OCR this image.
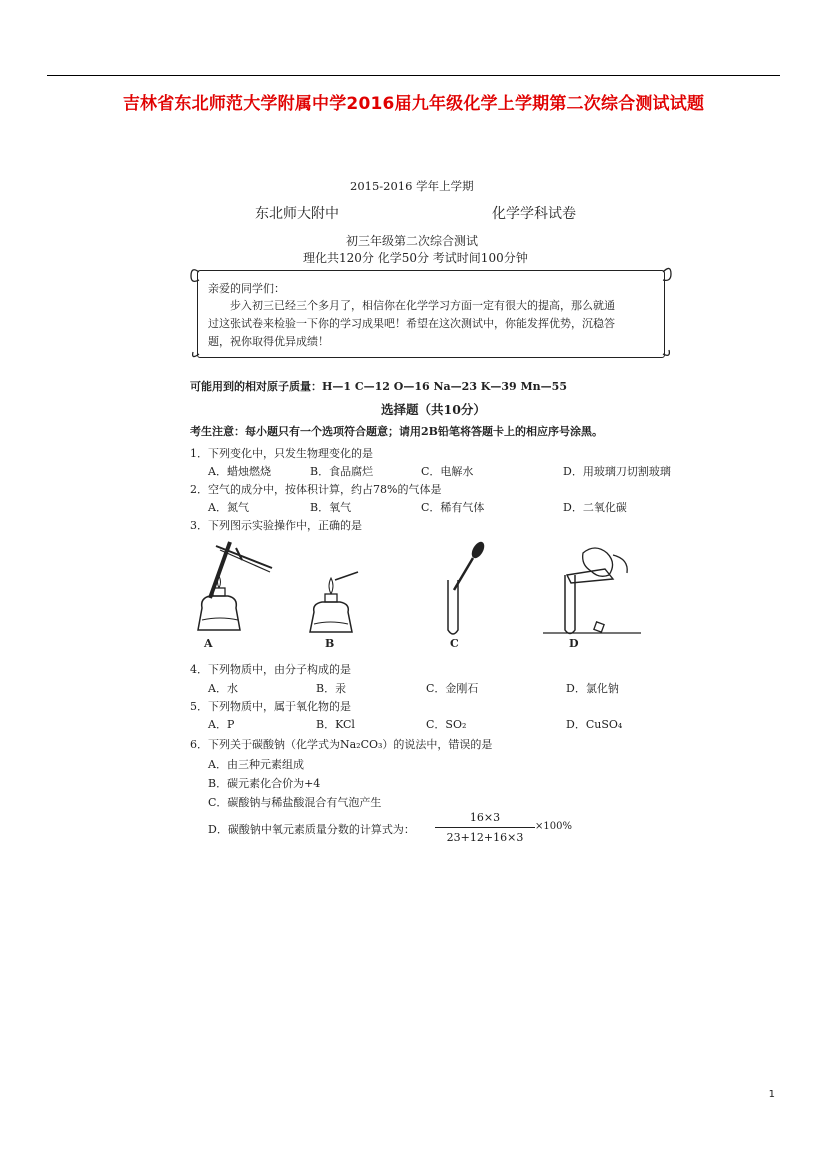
吉林省东北师范大学附属中学2016届九年级化学上学期第二次综合测试试题
2015-2016 学年上学期
东北师大附中	化学学科试卷
初三年级第二次综合测试
理化共120分 化学50分 考试时间100分钟
亲爱的同学们：
步入初三已经三个多月了，相信你在化学学习方面一定有很大的提高，那么就通
过这张试卷来检验一下你的学习成果吧！希望在这次测试中，你能发挥优势，沉稳答
题，祝你取得优异成绩！
可能用到的相对原子质量：H—1 C—12 O—16 Na—23 K—39 Mn—55
选择题（共10分）
考生注意：每小题只有一个选项符合题意；请用2B铅笔将答题卡上的相应序号涂黑。
1．下列变化中，只发生物理变化的是
A．蜡烛燃烧	B．食品腐烂	C．电解水	D．用玻璃刀切割玻璃
2．空气的成分中，按体积计算，约占78%的气体是
A．氮气	B．氧气	C．稀有气体	D．二氧化碳
3．下列图示实验操作中，正确的是
A	B	C	D
4．下列物质中，由分子构成的是
A．水	B．汞	C．金刚石	D．氯化钠
5．下列物质中，属于氧化物的是
A．P	B．KCl	C．SO₂	D．CuSO₄
6．下列关于碳酸钠（化学式为Na₂CO₃）的说法中，错误的是
A．由三种元素组成
B．碳元素化合价为+4
C．碳酸钠与稀盐酸混合有气泡产生
D．碳酸钠中氧元素质量分数的计算式为：
16×3
23+12+16×3
×100%
1
